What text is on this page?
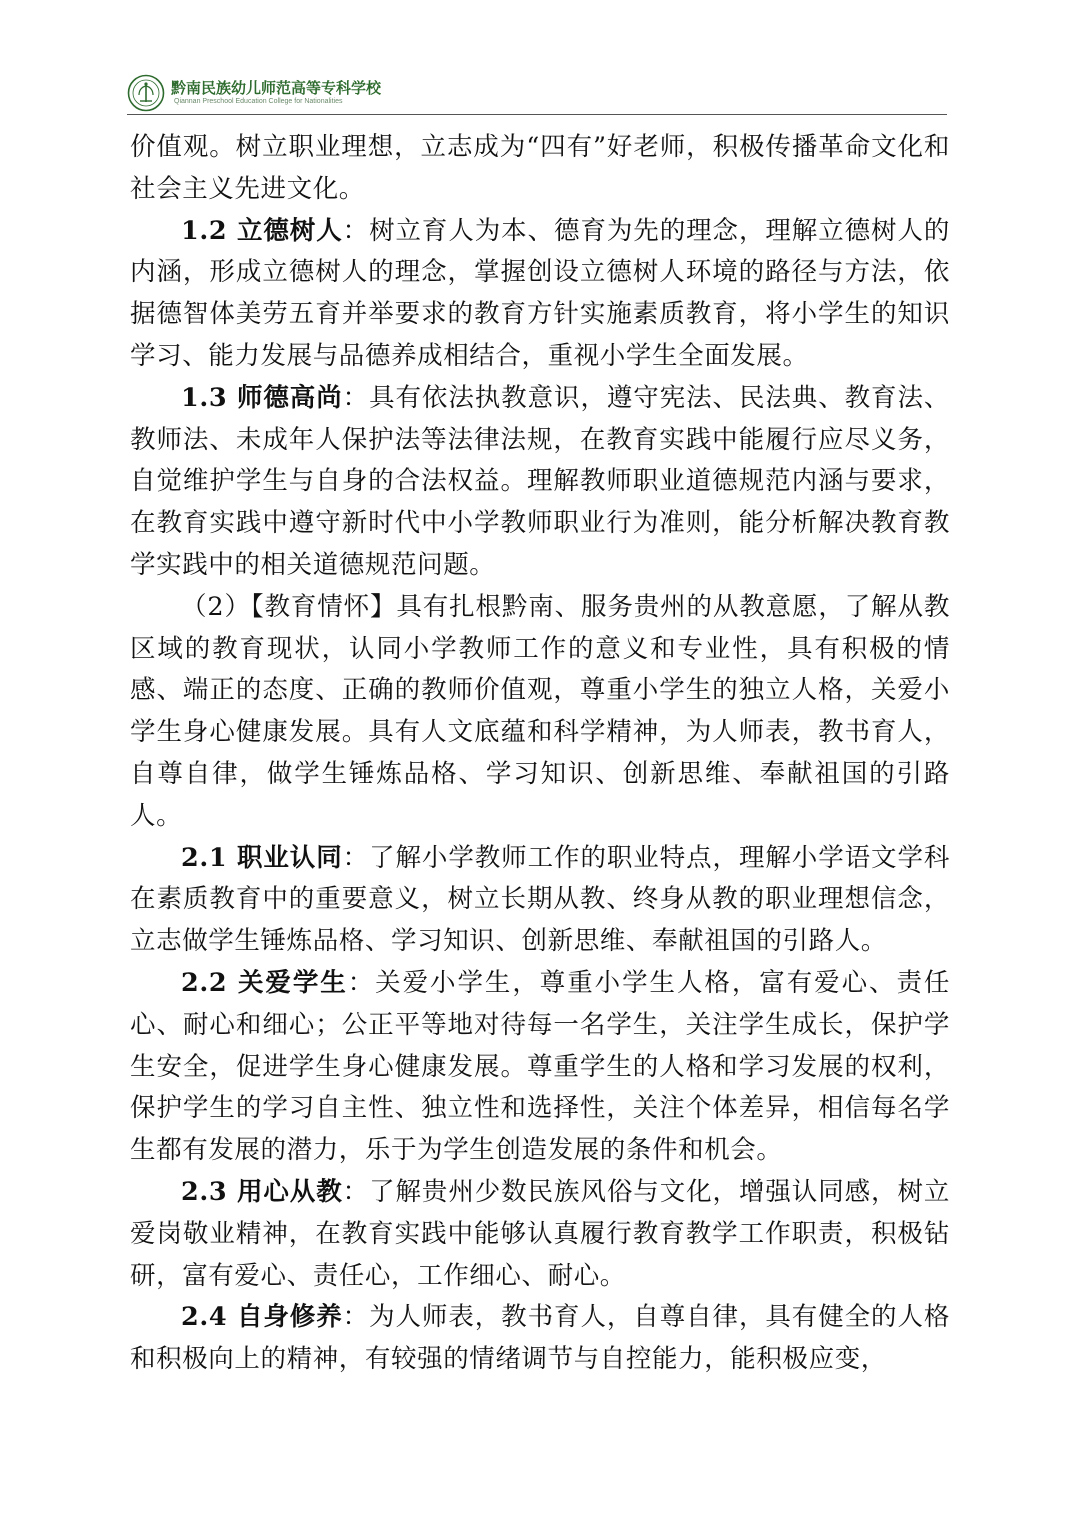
黔南民族幼儿师范高等专科学校
Qiannan Preschool Education College for Nationalities

价值观。树立职业理想，立志成为“四有”好老师，积极传播革命文化和社会主义先进文化。

1.2 立德树人：树立育人为本、德育为先的理念，理解立德树人的内涵，形成立德树人的理念，掌握创设立德树人环境的路径与方法，依据德智体美劳五育并举要求的教育方针实施素质教育，将小学生的知识学习、能力发展与品德养成相结合，重视小学生全面发展。

1.3 师德高尚：具有依法执教意识，遵守宪法、民法典、教育法、教师法、未成年人保护法等法律法规，在教育实践中能履行应尽义务，自觉维护学生与自身的合法权益。理解教师职业道德规范内涵与要求，在教育实践中遵守新时代中小学教师职业行为准则，能分析解决教育教学实践中的相关道德规范问题。

（2）【教育情怀】具有扎根黔南、服务贵州的从教意愿，了解从教区域的教育现状，认同小学教师工作的意义和专业性，具有积极的情感、端正的态度、正确的教师价值观，尊重小学生的独立人格，关爱小学生身心健康发展。具有人文底蕴和科学精神，为人师表，教书育人，自尊自律，做学生锤炼品格、学习知识、创新思维、奉献祖国的引路人。

2.1 职业认同：了解小学教师工作的职业特点，理解小学语文学科在素质教育中的重要意义，树立长期从教、终身从教的职业理想信念，立志做学生锤炼品格、学习知识、创新思维、奉献祖国的引路人。

2.2 关爱学生：关爱小学生，尊重小学生人格，富有爱心、责任心、耐心和细心；公正平等地对待每一名学生，关注学生成长，保护学生安全，促进学生身心健康发展。尊重学生的人格和学习发展的权利，保护学生的学习自主性、独立性和选择性，关注个体差异，相信每名学生都有发展的潜力，乐于为学生创造发展的条件和机会。

2.3 用心从教：了解贵州少数民族风俗与文化，增强认同感，树立爱岗敬业精神，在教育实践中能够认真履行教育教学工作职责，积极钻研，富有爱心、责任心，工作细心、耐心。

2.4 自身修养：为人师表，教书育人，自尊自律，具有健全的人格和积极向上的精神，有较强的情绪调节与自控能力，能积极应变，
